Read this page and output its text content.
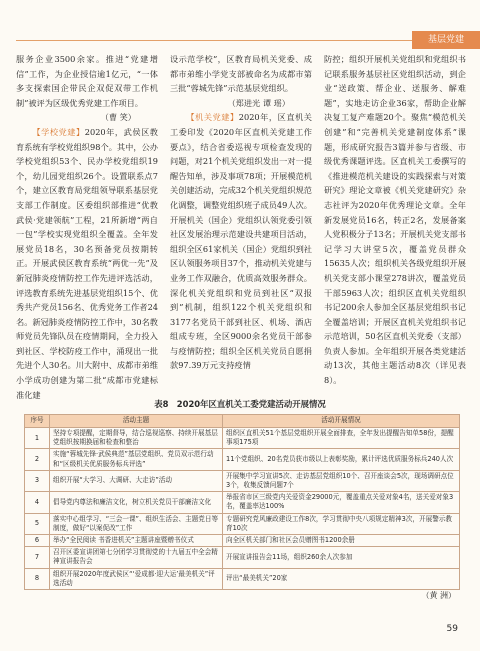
基层党建

服务企业3500余家。推进“党建增信”工作，为企业授信逾1亿元，“一体多支探索国企带民企双促双带工作机制”被评为区级优秀党建工作项目。

（曹 笑）

【学校党建】2020年，武侯区教育系统有学校党组织98个。其中，公办学校党组织53个、民办学校党组织19个，幼儿园党组织26个。设置联系点7个，建立区教育局党组领导联系基层党支部工作制度。区委组织部推进“优教武侯·党建领航”工程，21所新增“两自一包”学校实现党组织全覆盖。全年发展党员18名，30名预备党员按期转正。开展武侯区教育系统“两优一先”及新冠肺炎疫情防控工作先进评选活动，评选教育系统先进基层党组织15个、优秀共产党员156名、优秀党务工作者24名。新冠肺炎疫情防控工作中，30名教师党员先锋队员在疫情期间，全力投入到社区、学校防疫工作中，涌现出一批先进个人30名。川大附中、成都市弟维小学成功创建为第二批“成都市党建标准化建

设示范学校”，区教育局机关党委、成都市弟维小学党支部被命名为成都市第三批“蓉城先锋”示范基层党组织。

（郑进光 谭 瑶）

【机关党建】2020年，区直机关工委印发《2020年区直机关党建工作要点》，结合省委巡视专项检查发现的问题，对21个机关党组织发出一对一提醒告知单，涉及事项78项；开展模范机关创建活动，完成32个机关党组织规范化调整，调整党组织班子成员49人次。开展机关（国企）党组织认领党委引领社区发展治理示范建设共建项目活动，组织全区61家机关（国企）党组织到社区认领服务项目37个，推动机关党建与业务工作双融合，优质高效服务群众。深化机关党组织和党员到社区“双报到”机制，组织122个机关党组织和3177名党员干部到社区、机场、酒店组成专班，全区9000余名党员干部参与疫情防控；组织全区机关党员自愿捐款97.39万元支持疫情

防控；组织开展机关党组织和党组织书记联系服务基层社区党组织活动，到企业“送政策、帮企业、送服务、解难题”，实地走访企业36家，帮助企业解决复工复产难题20个。聚焦“模范机关创建”和“完善机关党建制度体系”课题，形成研究报告3篇并参与省级、市级优秀课题评选。区直机关工委撰写的《推进模范机关建设的实践探索与对策研究》理论文章被《机关党建研究》杂志社评为2020年优秀理论文章。全年新发展党员16名，转正2名，发展备案人党积极分子13名；开展机关党支部书记学习大讲堂5次，覆盖党员群众15635人次；组织机关各级党组织开展机关党支部小课堂278讲次，覆盖党员干部5963人次；组织区直机关党组织书记200余人参加全区基层党组织书记全覆盖培训；开展区直机关党组织书记示范培训，50名区直机关党委（支部）负责人参加。全年组织开展各类党建活动13次，其他主题活动8次（详见表8）。

表8　2020年区直机关工委党建活动开展情况
序号	活动主题	活动开展情况
1	坚持专项提醒，定期督导，结合巡视巡察、持续开展基层党组织按期换届和检查和整治	组织区直机关51个基层党组织开展全面排查，全年发出提醒告知单58份，提醒事项175项
2	实施“蓉城先锋·武侯典范”基层党组织、党员双示范行动和“区级机关优质服务标兵评选”	11个党组织、20名党员获市级以上表彰奖励，累计评选优质服务标兵240人次
3	组织开展“大学习、大调研、大走访”活动	开展集中学习宣讲5次、走访基层党组织10个、召开座谈会5次，现场调研点位3个，收集反馈问题7个
4	倡导党内尊法和廉洁文化，树立机关党员干部廉洁文化	举报省市区三级党内关爱资金29000元，覆盖重点关爱对象4名，送关爱对象3名，覆盖率达100%
5	落实中心组学习、“三会一课”、组织生活会、主题党日等制度，做好“以案促改”工作	专题研究党风廉政建设工作8次，学习贯彻中央八项规定精神3次，开展警示教育10次
6	举办“全民阅读 书香进机关”主题讲座暨赠书仪式	向全区机关部门和社区会员赠图书1200余册
7	召开区委宣讲团第七分团学习贯彻党的十九届五中全会精神宣讲报告会	开展宣讲报告会11场，组织260余人次参加
8	组织开展2020年度武侯区“‘爱成都·迎大运’最美机关”评选活动	评出“最美机关”20家
（黄 洲）
59
